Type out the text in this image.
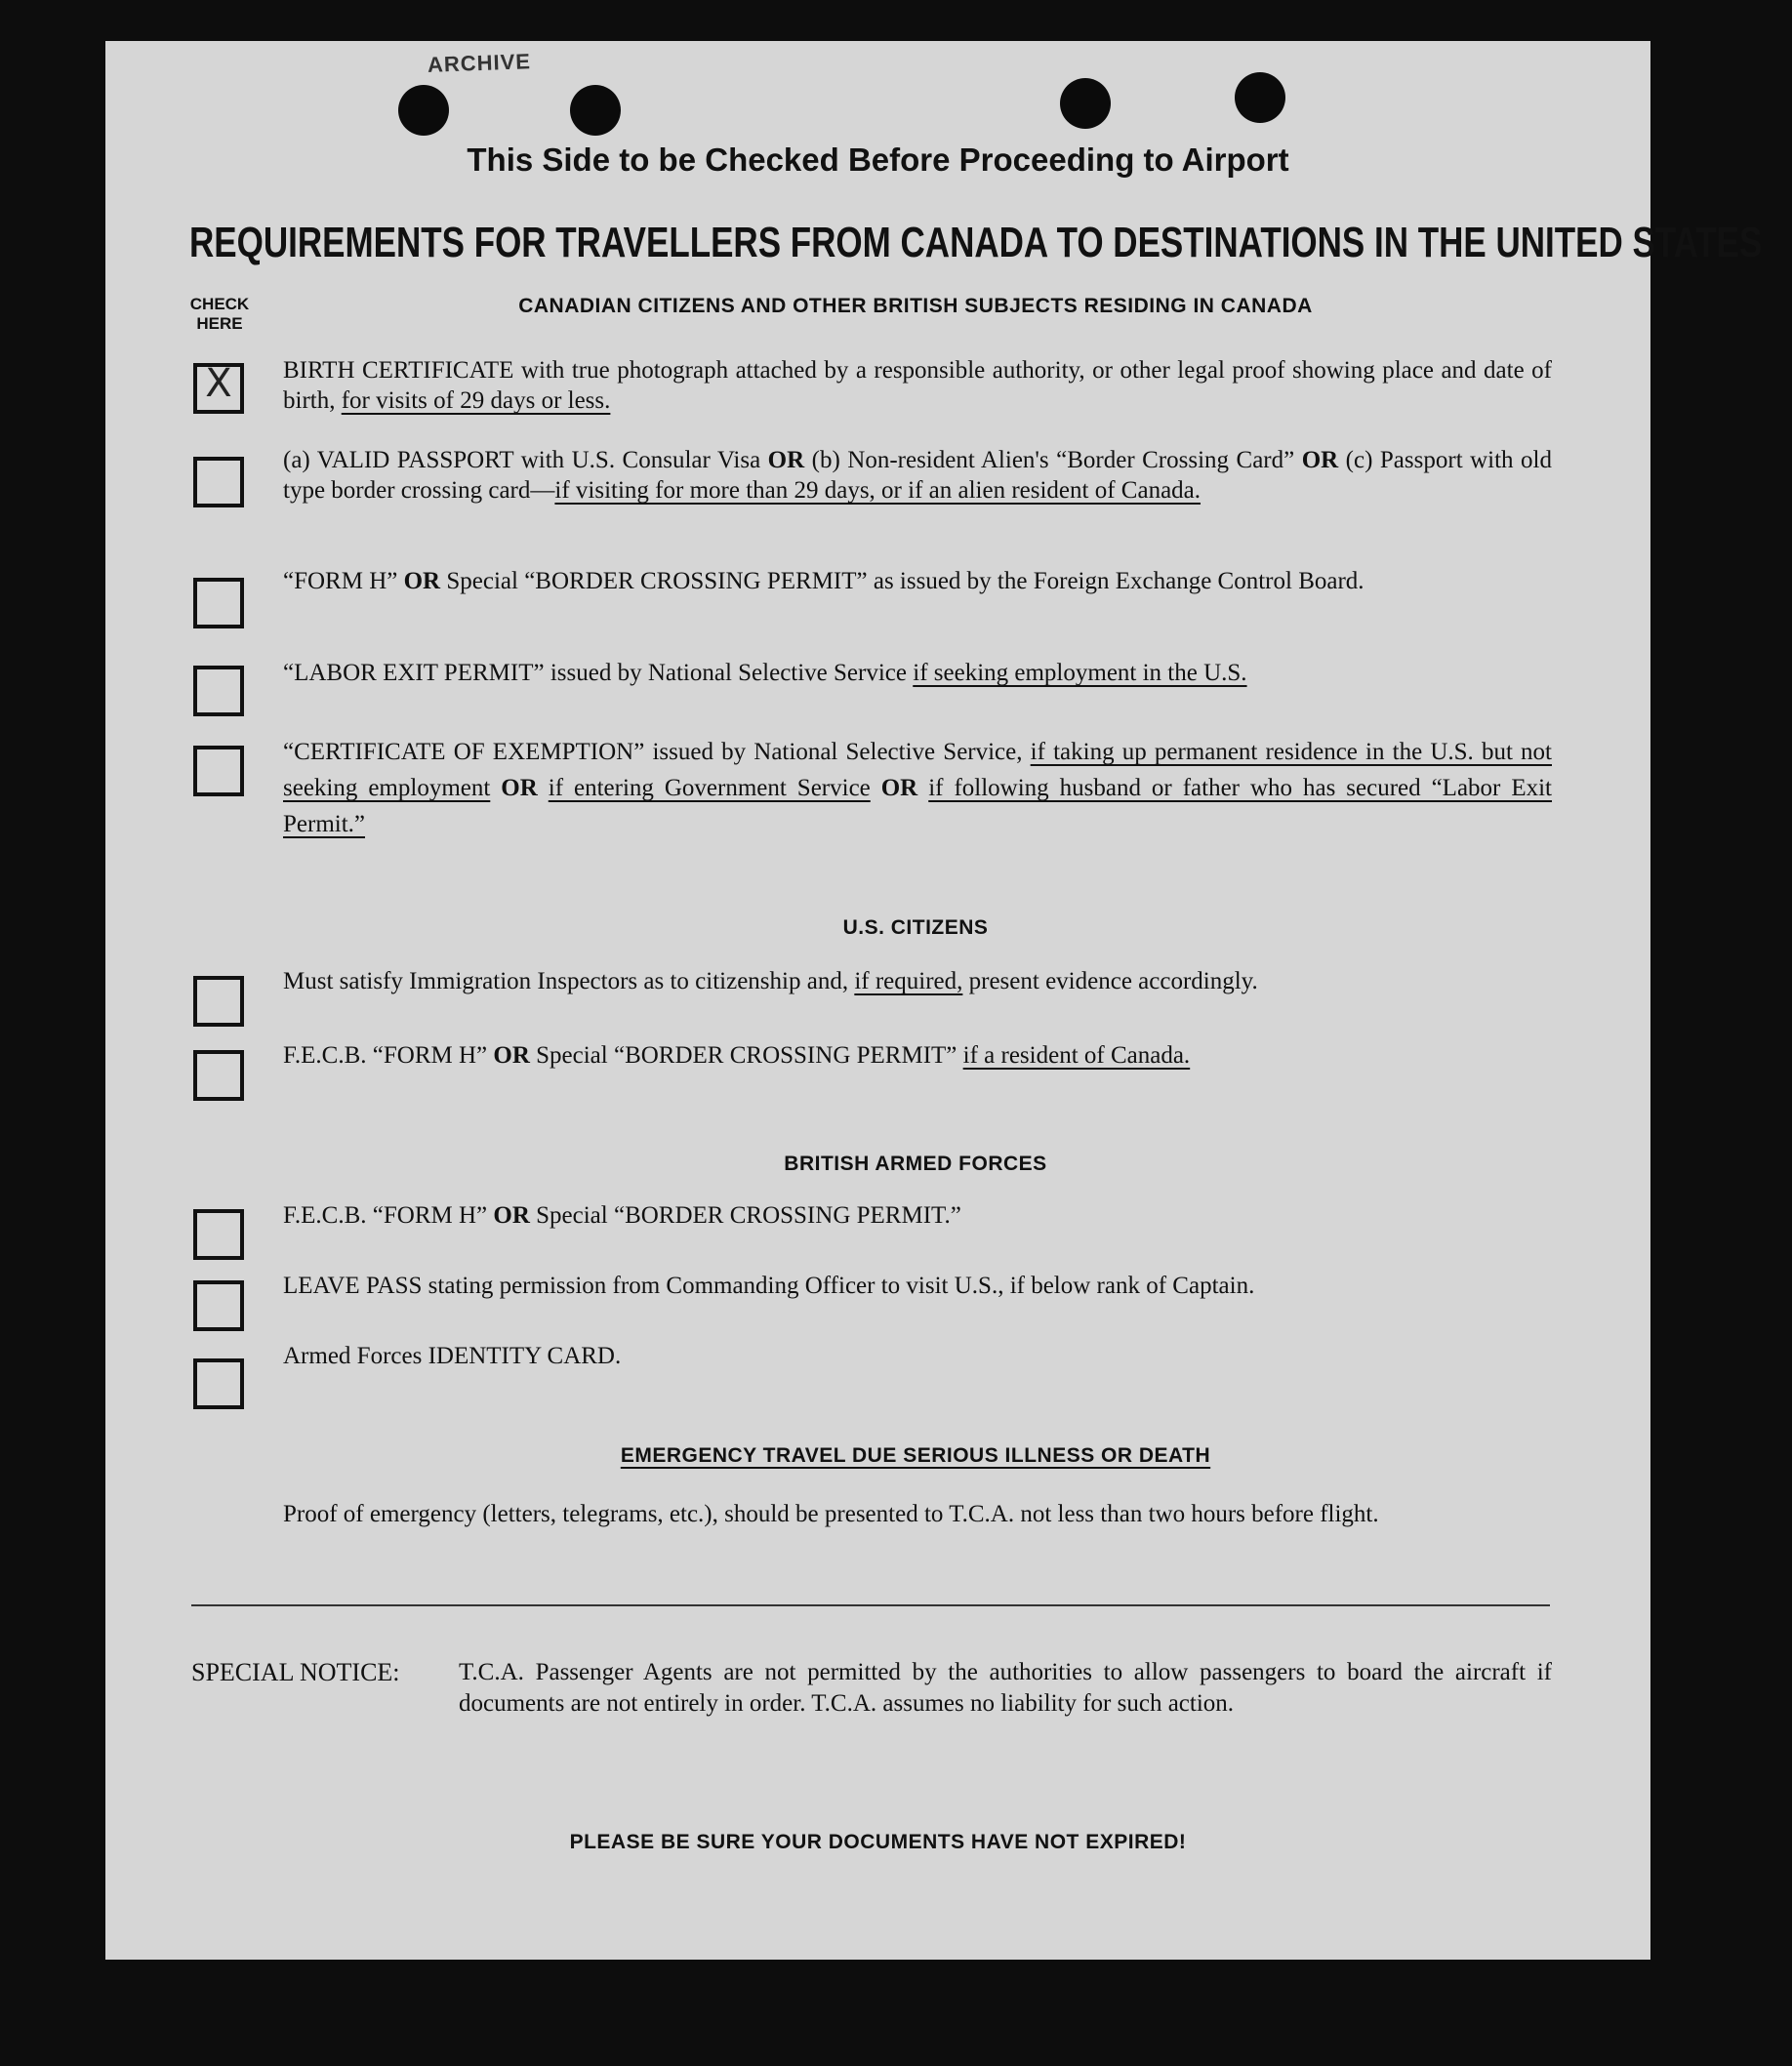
ARCHIVE
This Side to be Checked Before Proceeding to Airport
REQUIREMENTS FOR TRAVELLERS FROM CANADA TO DESTINATIONS IN THE UNITED STATES
CHECK HERE
CANADIAN CITIZENS AND OTHER BRITISH SUBJECTS RESIDING IN CANADA
X	BIRTH CERTIFICATE with true photograph attached by a responsible authority, or other legal proof showing place and date of birth, for visits of 29 days or less.
(a) VALID PASSPORT with U.S. Consular Visa OR (b) Non-resident Alien's “Border Crossing Card” OR (c) Passport with old type border crossing card—if visiting for more than 29 days, or if an alien resident of Canada.
“FORM H” OR Special “BORDER CROSSING PERMIT” as issued by the Foreign Exchange Control Board.
“LABOR EXIT PERMIT” issued by National Selective Service if seeking employment in the U.S.
“CERTIFICATE OF EXEMPTION” issued by National Selective Service, if taking up permanent residence in the U.S. but not seeking employment OR if entering Government Service OR if following husband or father who has secured “Labor Exit Permit.”
U.S. CITIZENS
Must satisfy Immigration Inspectors as to citizenship and, if required, present evidence accordingly.
F.E.C.B. “FORM H” OR Special “BORDER CROSSING PERMIT” if a resident of Canada.
BRITISH ARMED FORCES
F.E.C.B. “FORM H” OR Special “BORDER CROSSING PERMIT.”
LEAVE PASS stating permission from Commanding Officer to visit U.S., if below rank of Captain.
Armed Forces IDENTITY CARD.
EMERGENCY TRAVEL DUE SERIOUS ILLNESS OR DEATH
Proof of emergency (letters, telegrams, etc.), should be presented to T.C.A. not less than two hours before flight.
SPECIAL NOTICE: T.C.A. Passenger Agents are not permitted by the authorities to allow passengers to board the aircraft if documents are not entirely in order. T.C.A. assumes no liability for such action.
PLEASE BE SURE YOUR DOCUMENTS HAVE NOT EXPIRED!
